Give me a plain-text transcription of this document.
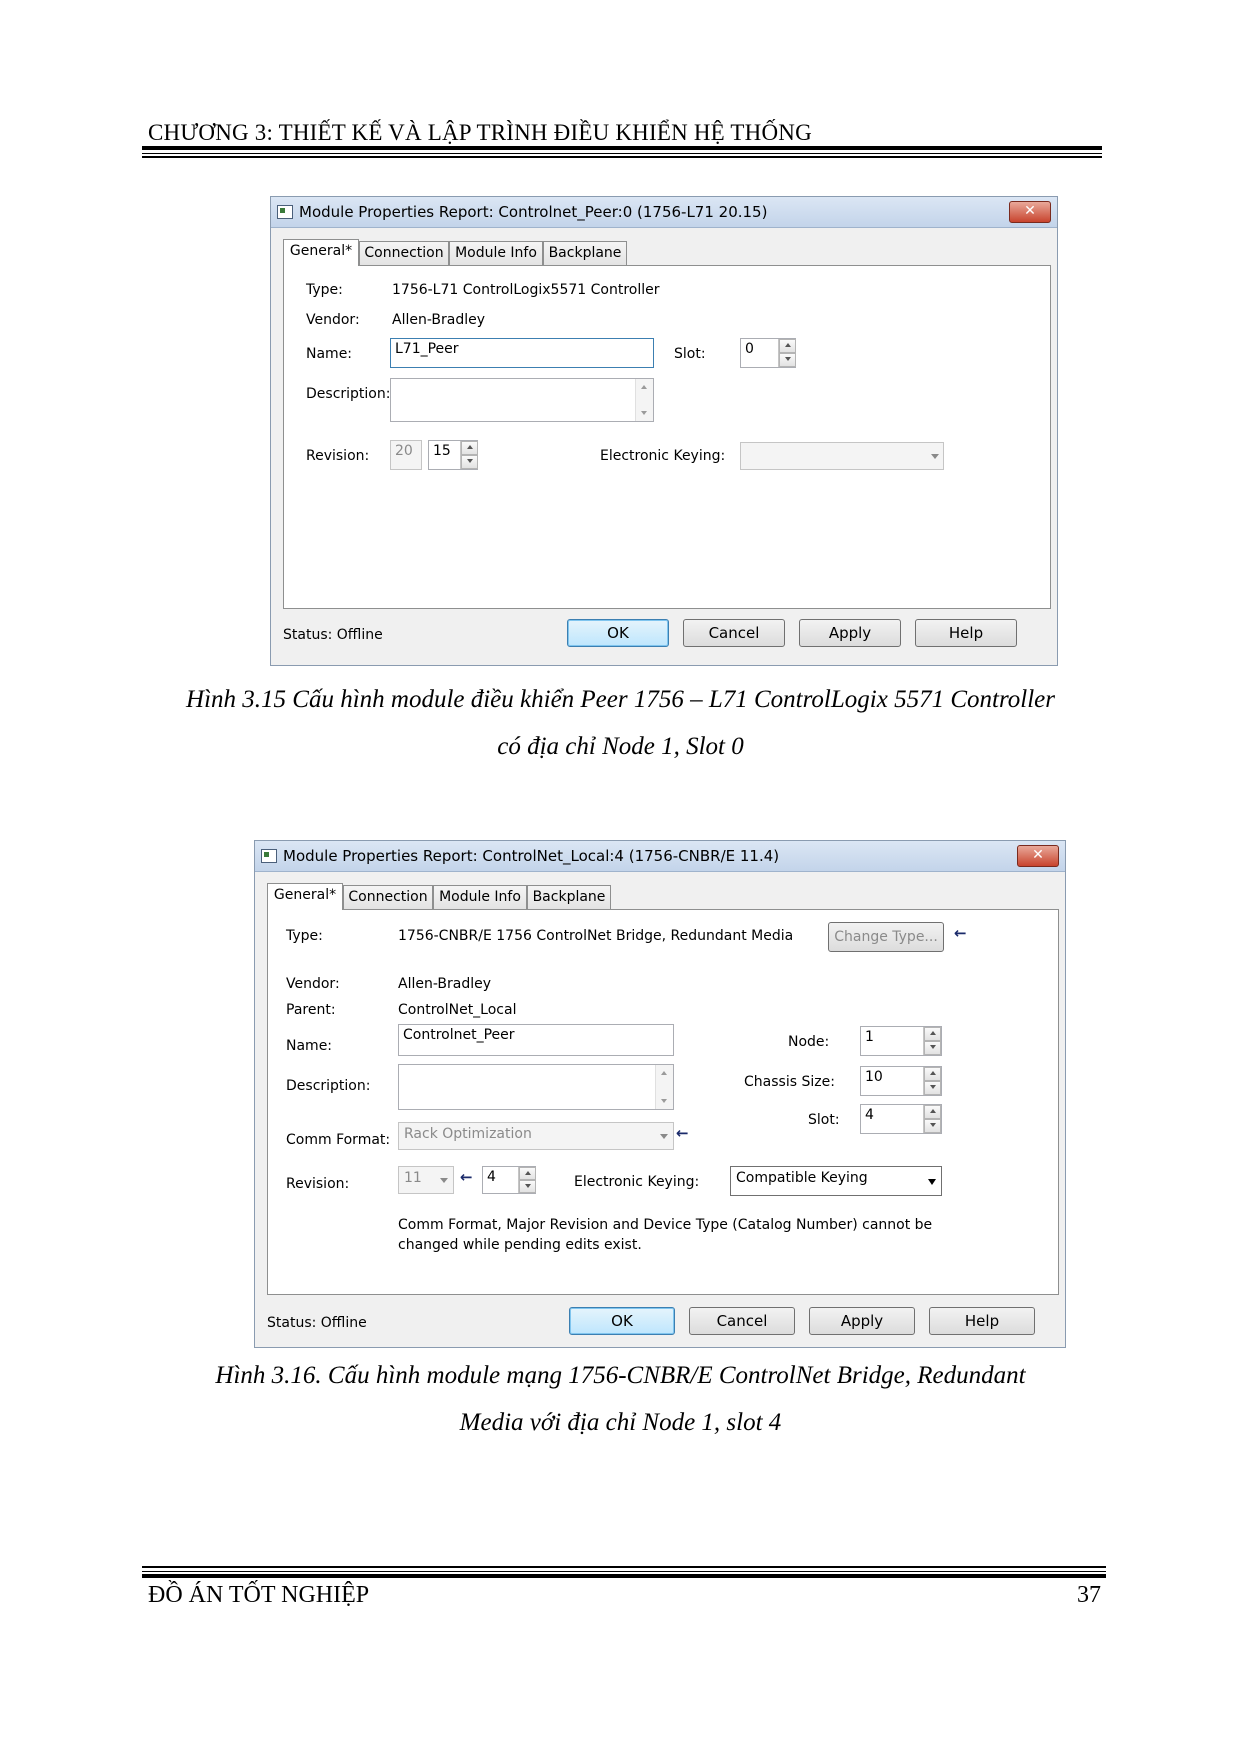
CHƯƠNG 3: THIẾT KẾ VÀ LẬP TRÌNH ĐIỀU KHIỂN HỆ THỐNG
Module Properties Report: Controlnet_Peer:0 (1756-L71 20.15)	✕
General* Connection Module Info Backplane
Type:	1756-L71 ControlLogix5571 Controller
Vendor: Allen-Bradley
Name:	L71_Peer	Slot:	0
Description:
Revision:	20	15	Electronic Keying:
Status: Offline	OK	Cancel	Apply	Help
Hình 3.15 Cấu hình module điều khiển Peer 1756 – L71 ControlLogix 5571 Controller
có địa chỉ Node 1, Slot 0
Module Properties Report: ControlNet_Local:4 (1756-CNBR/E 11.4)	✕
General* Connection Module Info Backplane
Type:	1756-CNBR/E 1756 ControlNet Bridge, Redundant Media	Change Type...	←
Vendor:	Allen-Bradley
Parent:	ControlNet_Local
Name:
Controlnet_Peer
Description:
Comm Format: Rack Optimization	←
Revision:	11	←	4	Electronic Keying:	Compatible Keying
Node:	1
Chassis Size:	10
Slot:	4
Comm Format, Major Revision and Device Type (Catalog Number) cannot be
changed while pending edits exist.
Status: Offline	OK	Cancel	Apply	Help
Hình 3.16. Cấu hình module mạng 1756-CNBR/E ControlNet Bridge, Redundant
Media với địa chỉ Node 1, slot 4
ĐỒ ÁN TỐT NGHIỆP	37
